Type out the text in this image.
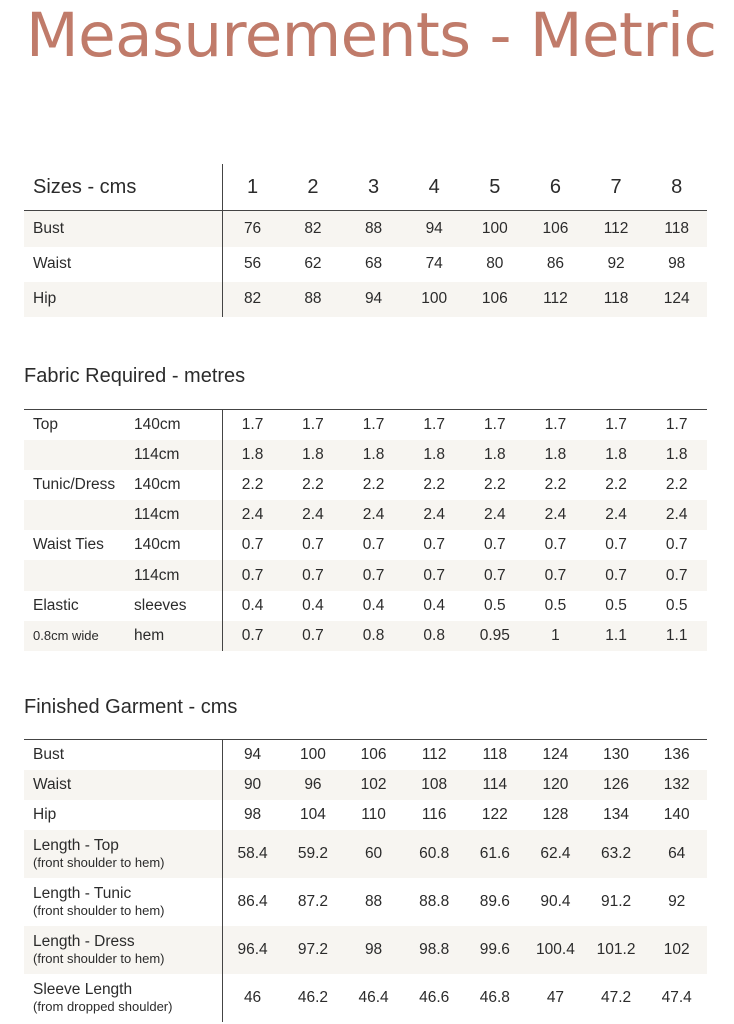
Measurements - Metric
Sizes - cms	1	2	3	4	5	6	7	8
Bust	76	82	88	94	100	106	112	118
Waist	56	62	68	74	80	86	92	98
Hip	82	88	94	100	106	112	118	124
Fabric Required - metres
Top	140cm	1.7	1.7	1.7	1.7	1.7	1.7	1.7	1.7
	114cm	1.8	1.8	1.8	1.8	1.8	1.8	1.8	1.8
Tunic/Dress	140cm	2.2	2.2	2.2	2.2	2.2	2.2	2.2	2.2
	114cm	2.4	2.4	2.4	2.4	2.4	2.4	2.4	2.4
Waist Ties	140cm	0.7	0.7	0.7	0.7	0.7	0.7	0.7	0.7
	114cm	0.7	0.7	0.7	0.7	0.7	0.7	0.7	0.7
Elastic	sleeves	0.4	0.4	0.4	0.4	0.5	0.5	0.5	0.5
0.8cm wide	hem	0.7	0.7	0.8	0.8	0.95	1	1.1	1.1
Finished Garment - cms
Bust	94	100	106	112	118	124	130	136

Waist	90	96	102	108	114	120	126	132

Hip	98	104	110	116	122	128	134	140

Length - Top
(front shoulder to hem)	58.4	59.2	60	60.8	61.6	62.4	63.2	64

Length - Tunic
(front shoulder to hem)	86.4	87.2	88	88.8	89.6	90.4	91.2	92

Length - Dress
(front shoulder to hem)	96.4	97.2	98	98.8	99.6	100.4	101.2	102

Sleeve Length
(from dropped shoulder)	46	46.2	46.4	46.6	46.8	47	47.2	47.4
